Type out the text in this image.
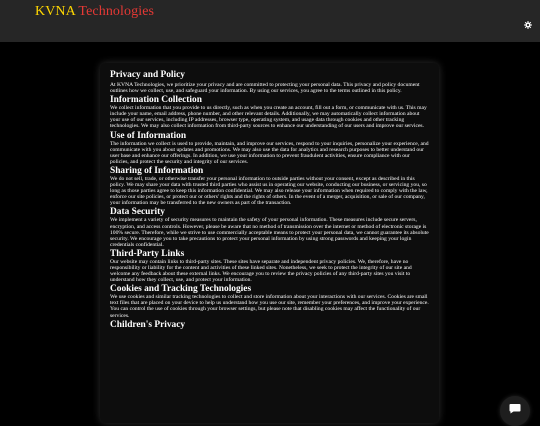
KVNA Technologies
Privacy and Policy

At KVNA Technologies, we prioritize your privacy and are committed to protecting your personal data. This privacy and policy document outlines how we collect, use, and safeguard your information. By using our services, you agree to the terms outlined in this policy.

Information Collection

We collect information that you provide to us directly, such as when you create an account, fill out a form, or communicate with us. This may include your name, email address, phone number, and other relevant details. Additionally, we may automatically collect information about your use of our services, including IP addresses, browser type, operating system, and usage data through cookies and other tracking technologies. We may also collect information from third-party sources to enhance our understanding of our users and improve our services.

Use of Information

The information we collect is used to provide, maintain, and improve our services, respond to your inquiries, personalize your experience, and communicate with you about updates and promotions. We may also use the data for analytics and research purposes to better understand our user base and enhance our offerings. In addition, we use your information to prevent fraudulent activities, ensure compliance with our policies, and protect the security and integrity of our services.

Sharing of Information

We do not sell, trade, or otherwise transfer your personal information to outside parties without your consent, except as described in this policy. We may share your data with trusted third parties who assist us in operating our website, conducting our business, or servicing you, so long as those parties agree to keep this information confidential. We may also release your information when required to comply with the law, enforce our site policies, or protect our or others' rights and the rights of others. In the event of a merger, acquisition, or sale of our company, your information may be transferred to the new owners as part of the transaction.

Data Security

We implement a variety of security measures to maintain the safety of your personal information. These measures include secure servers, encryption, and access controls. However, please be aware that no method of transmission over the internet or method of electronic storage is 100% secure. Therefore, while we strive to use commercially acceptable means to protect your personal data, we cannot guarantee its absolute security. We encourage you to take precautions to protect your personal information by using strong passwords and keeping your login credentials confidential.

Third-Party Links

Our website may contain links to third-party sites. These sites have separate and independent privacy policies. We, therefore, have no responsibility or liability for the content and activities of these linked sites. Nonetheless, we seek to protect the integrity of our site and welcome any feedback about these external links. We encourage you to review the privacy policies of any third-party sites you visit to understand how they collect, use, and protect your information.

Cookies and Tracking Technologies

We use cookies and similar tracking technologies to collect and store information about your interactions with our services. Cookies are small text files that are placed on your device to help us understand how you use our site, remember your preferences, and improve your experience. You can control the use of cookies through your browser settings, but please note that disabling cookies may affect the functionality of our services.

Children's Privacy
